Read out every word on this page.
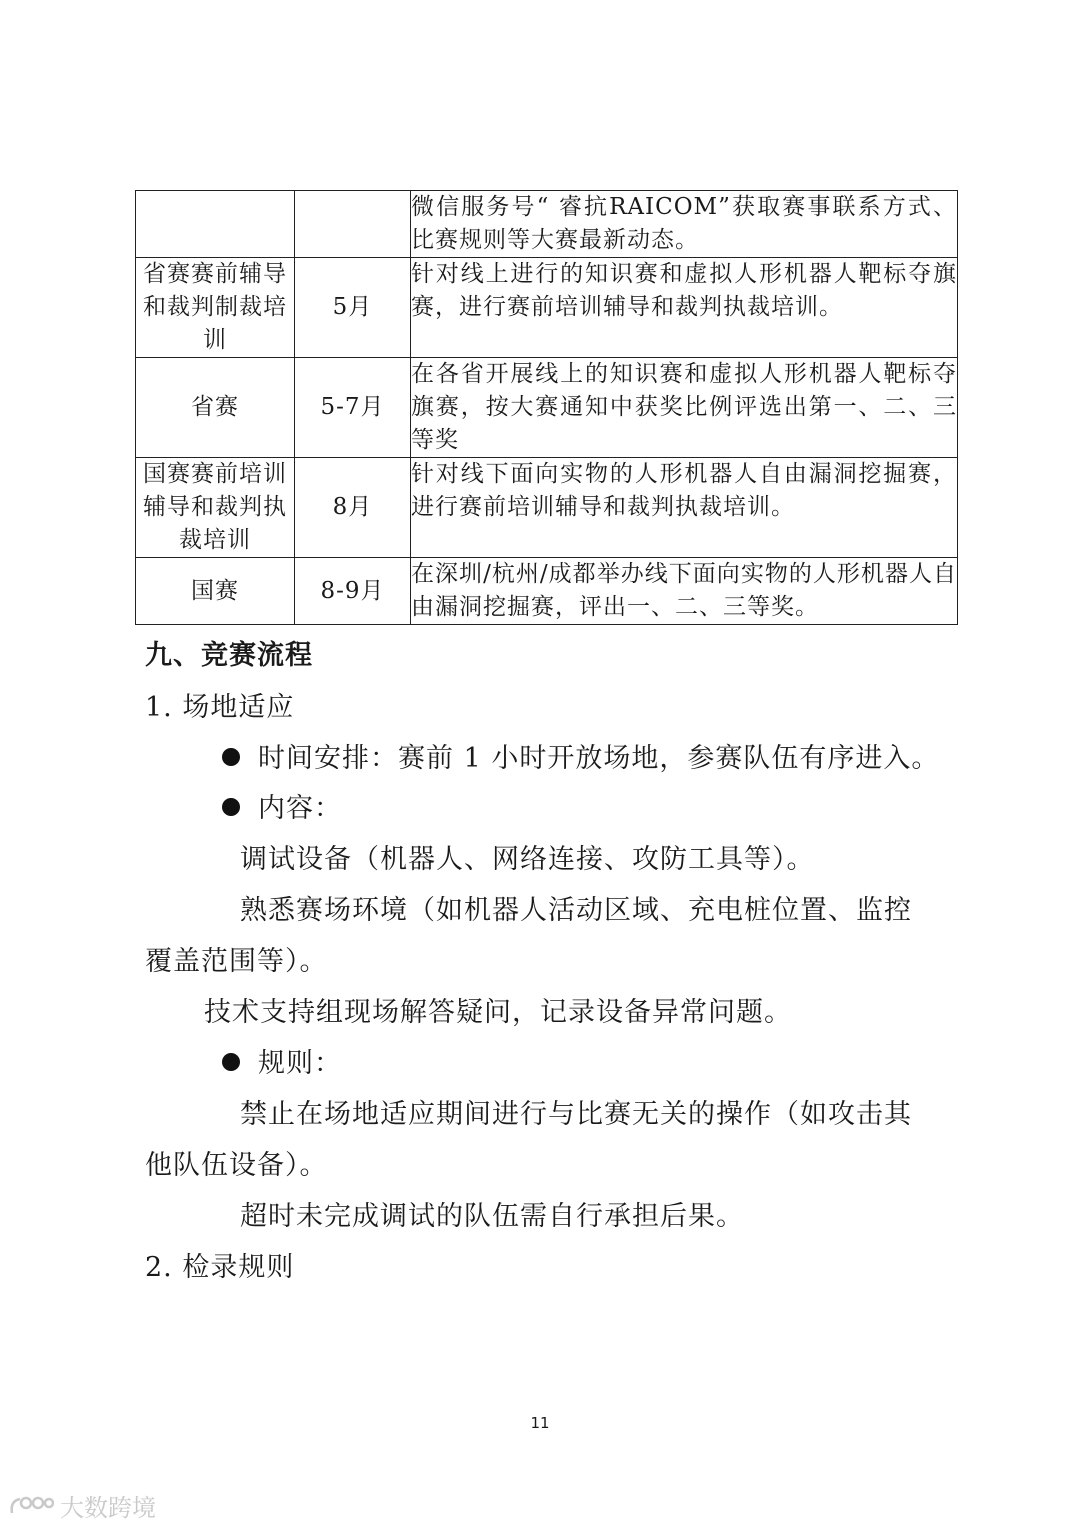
		微信服务号“ 睿抗RAICOM”获取赛事联系方式、比赛规则等大赛最新动态。
省赛赛前辅导和裁判制裁培训	5月	针对线上进行的知识赛和虚拟人形机器人靶标夺旗赛，进行赛前培训辅导和裁判执裁培训。
省赛	5-7月	在各省开展线上的知识赛和虚拟人形机器人靶标夺旗赛，按大赛通知中获奖比例评选出第一、二、三等奖
国赛赛前培训辅导和裁判执裁培训	8月	针对线下面向实物的人形机器人自由漏洞挖掘赛，进行赛前培训辅导和裁判执裁培训。
国赛	8-9月	在深圳/杭州/成都举办线下面向实物的人形机器人自由漏洞挖掘赛，评出一、二、三等奖。
九、竞赛流程
1. 场地适应
时间安排：赛前 1 小时开放场地，参赛队伍有序进入。
内容：
调试设备（机器人、网络连接、攻防工具等）。
熟悉赛场环境（如机器人活动区域、充电桩位置、监控
覆盖范围等）。
技术支持组现场解答疑问，记录设备异常问题。
规则：
禁止在场地适应期间进行与比赛无关的操作（如攻击其
他队伍设备）。
超时未完成调试的队伍需自行承担后果。
2. 检录规则
11
大数跨境
